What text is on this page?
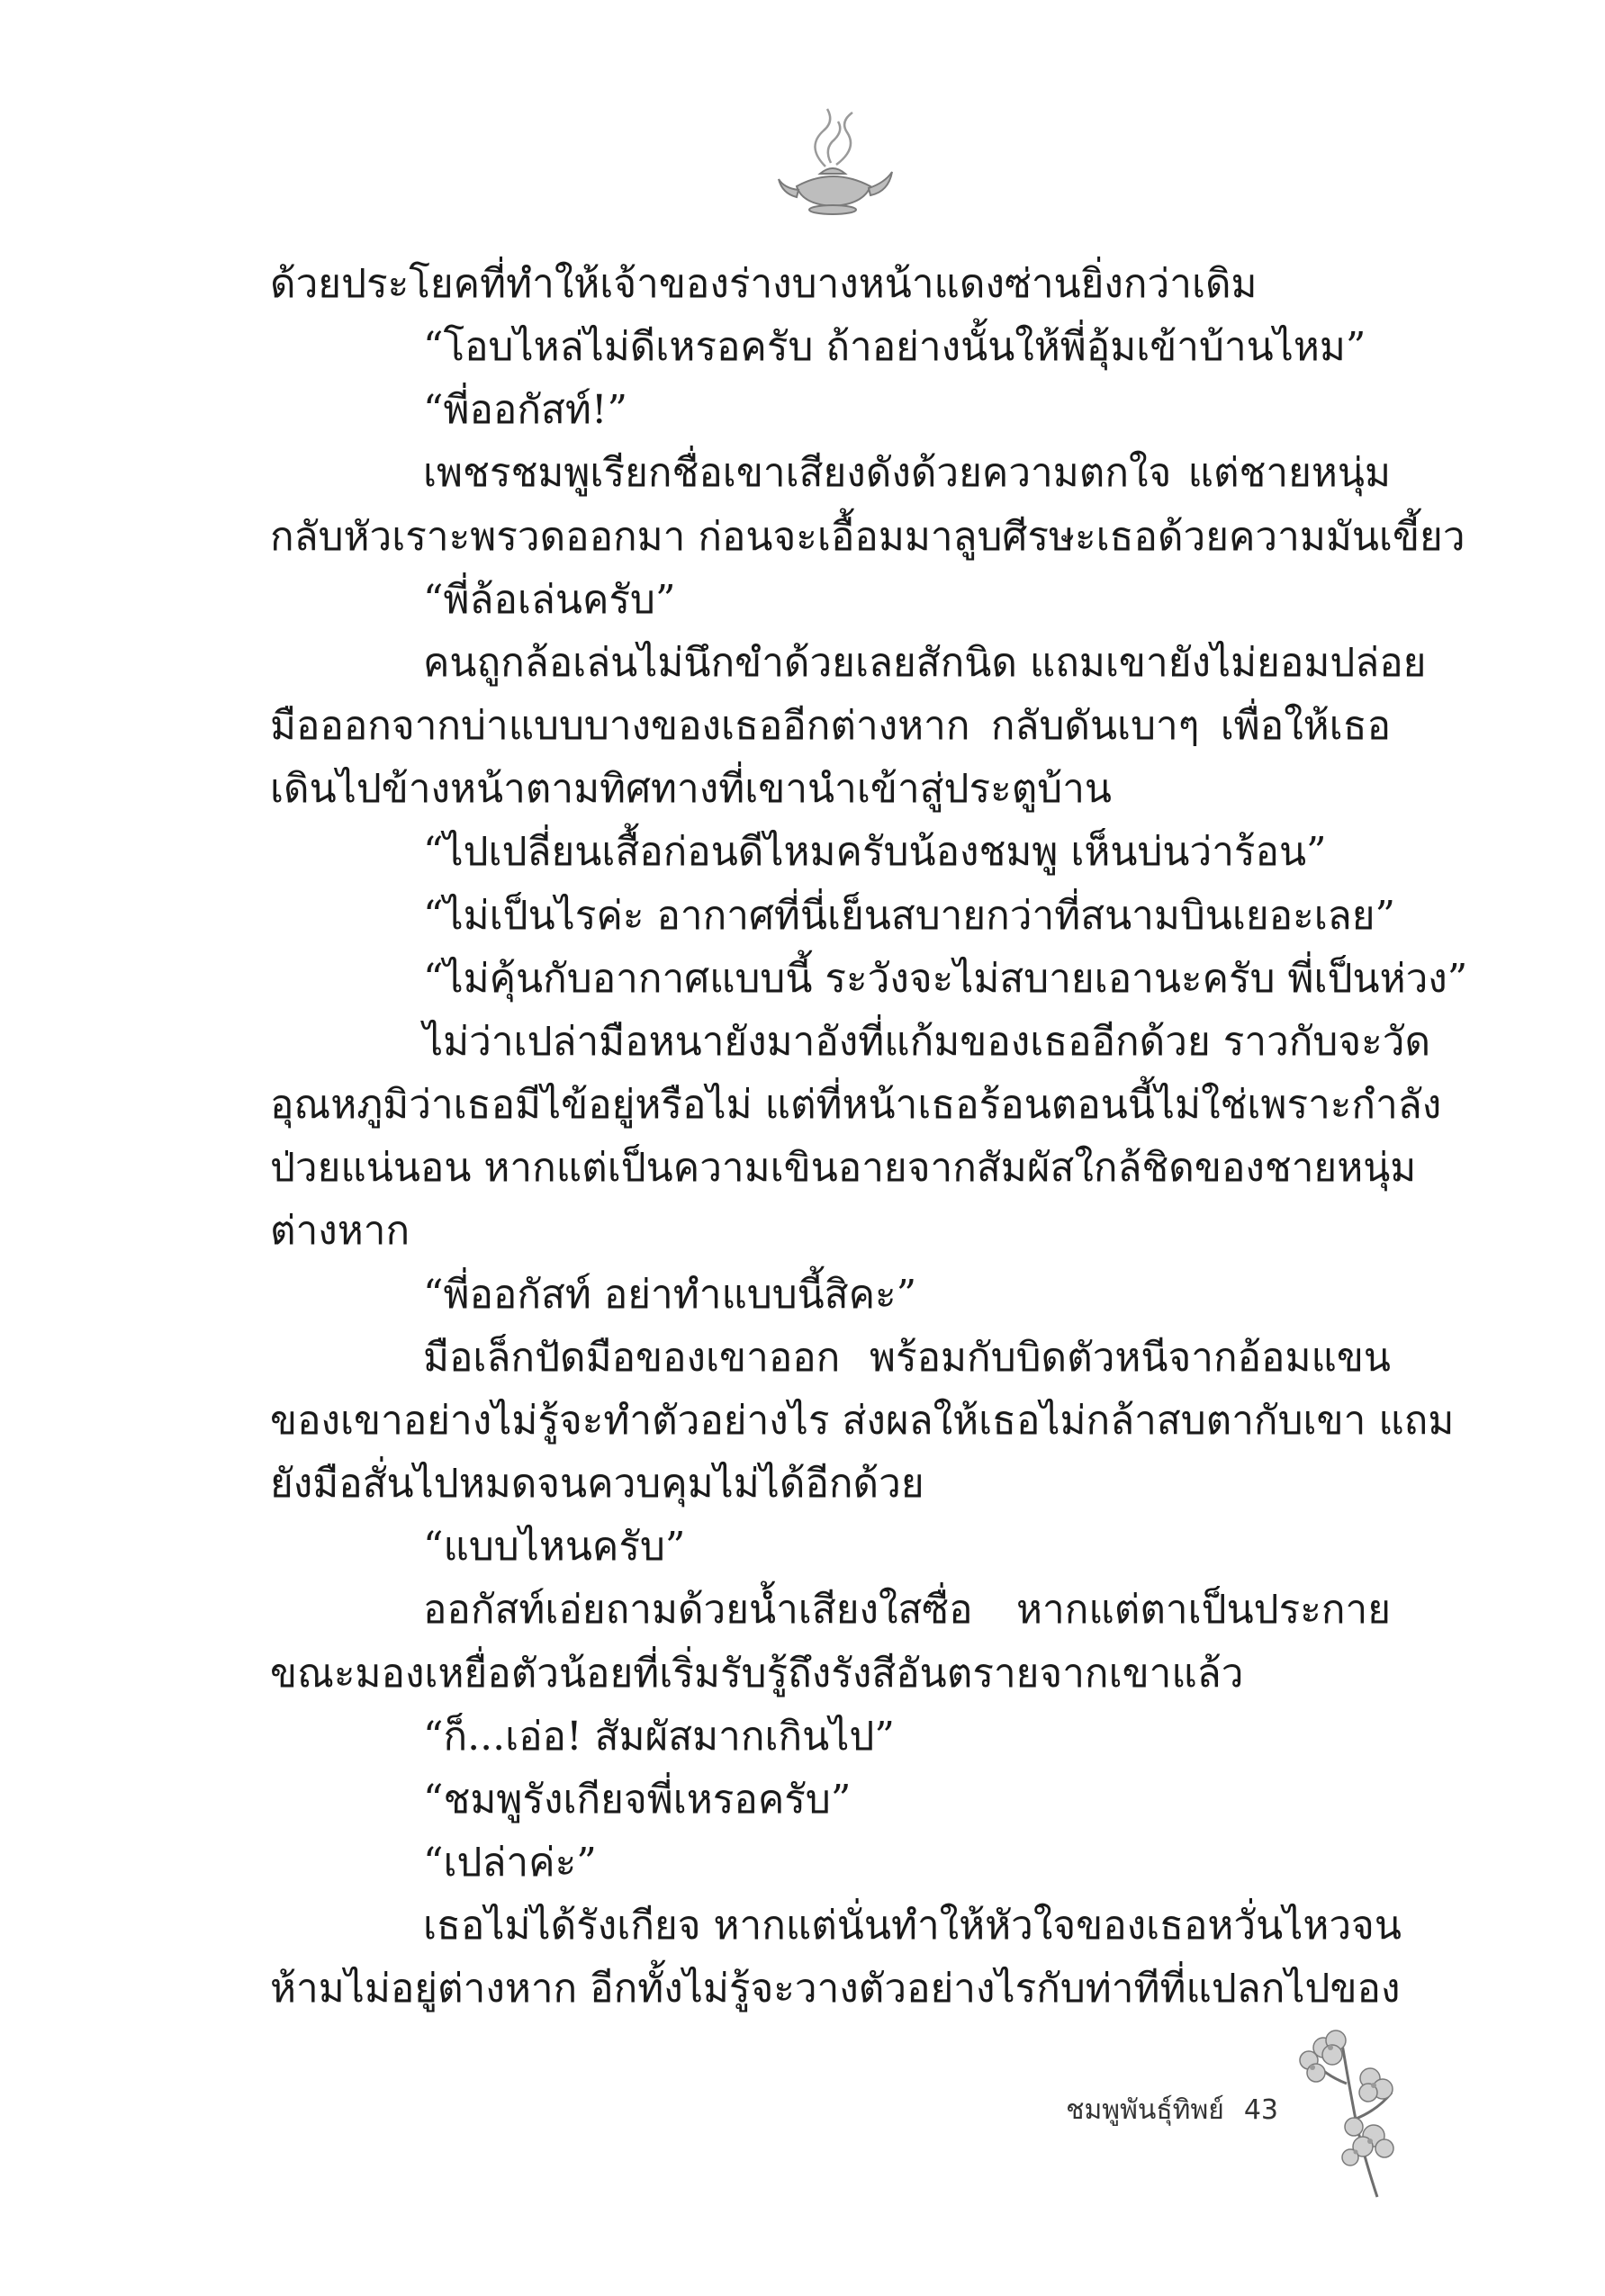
ด้วยประโยคที่ทำให้เจ้าของร่างบางหน้าแดงซ่านยิ่งกว่าเดิม
“โอบไหล่ไม่ดีเหรอครับ ถ้าอย่างนั้นให้พี่อุ้มเข้าบ้านไหม”
“พี่ออกัสท์!”
เพชรชมพูเรียกชื่อเขาเสียงดังด้วยความตกใจ แต่ชายหนุ่ม
กลับหัวเราะพรวดออกมา ก่อนจะเอื้อมมาลูบศีรษะเธอด้วยความมันเขี้ยว
“พี่ล้อเล่นครับ”
คนถูกล้อเล่นไม่นึกขำด้วยเลยสักนิด แถมเขายังไม่ยอมปล่อย
มือออกจากบ่าแบบบางของเธออีกต่างหาก กลับดันเบาๆ เพื่อให้เธอ
เดินไปข้างหน้าตามทิศทางที่เขานำเข้าสู่ประตูบ้าน
“ไปเปลี่ยนเสื้อก่อนดีไหมครับน้องชมพู เห็นบ่นว่าร้อน”
“ไม่เป็นไรค่ะ อากาศที่นี่เย็นสบายกว่าที่สนามบินเยอะเลย”
“ไม่คุ้นกับอากาศแบบนี้ ระวังจะไม่สบายเอานะครับ พี่เป็นห่วง”
ไม่ว่าเปล่ามือหนายังมาอังที่แก้มของเธออีกด้วย ราวกับจะวัด
อุณหภูมิว่าเธอมีไข้อยู่หรือไม่ แต่ที่หน้าเธอร้อนตอนนี้ไม่ใช่เพราะกำลัง
ป่วยแน่นอน หากแต่เป็นความเขินอายจากสัมผัสใกล้ชิดของชายหนุ่ม
ต่างหาก
“พี่ออกัสท์ อย่าทำแบบนี้สิคะ”
มือเล็กปัดมือของเขาออก พร้อมกับบิดตัวหนีจากอ้อมแขน
ของเขาอย่างไม่รู้จะทำตัวอย่างไร ส่งผลให้เธอไม่กล้าสบตากับเขา แถม
ยังมือสั่นไปหมดจนควบคุมไม่ได้อีกด้วย
“แบบไหนครับ”
ออกัสท์เอ่ยถามด้วยน้ำเสียงใสซื่อ หากแต่ตาเป็นประกาย
ขณะมองเหยื่อตัวน้อยที่เริ่มรับรู้ถึงรังสีอันตรายจากเขาแล้ว
“ก็...เอ่อ! สัมผัสมากเกินไป”
“ชมพูรังเกียจพี่เหรอครับ”
“เปล่าค่ะ”
เธอไม่ได้รังเกียจ หากแต่นั่นทำให้หัวใจของเธอหวั่นไหวจน
ห้ามไม่อยู่ต่างหาก อีกทั้งไม่รู้จะวางตัวอย่างไรกับท่าทีที่แปลกไปของ
ชมพูพันธุ์ทิพย์ 43
